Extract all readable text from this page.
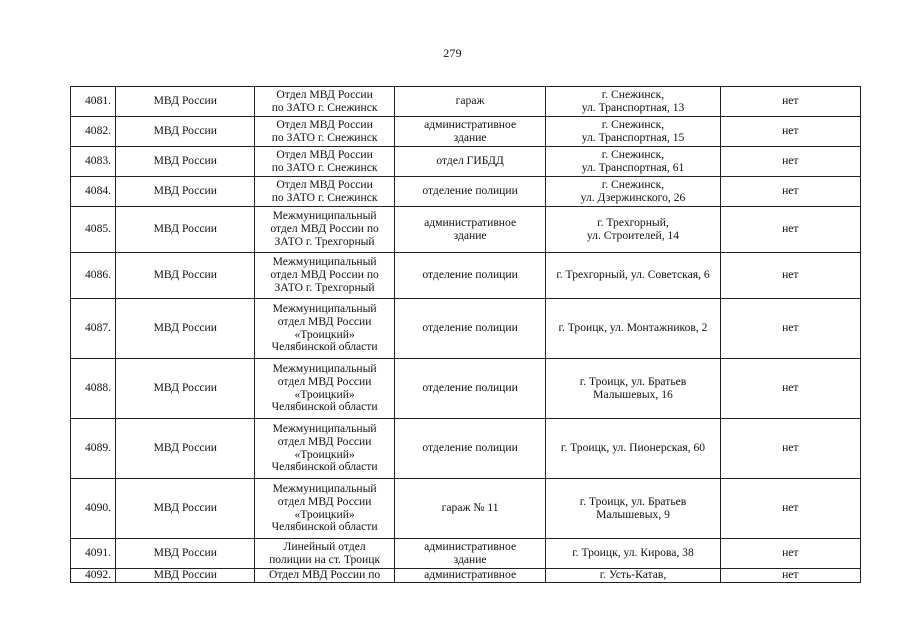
279
4081.	МВД России	Отдел МВД России
по ЗАТО г. Снежинск	гараж	г. Снежинск,
ул. Транспортная, 13	нет
4082.	МВД России	Отдел МВД России
по ЗАТО г. Снежинск	административное
здание	г. Снежинск,
ул. Транспортная, 15	нет
4083.	МВД России	Отдел МВД России
по ЗАТО г. Снежинск	отдел ГИБДД	г. Снежинск,
ул. Транспортная, 61	нет
4084.	МВД России	Отдел МВД России
по ЗАТО г. Снежинск	отделение полиции	г. Снежинск,
ул. Дзержинского, 26	нет
4085.	МВД России	Межмуниципальный
отдел МВД России по
ЗАТО г. Трехгорный	административное
здание	г. Трехгорный,
ул. Строителей, 14	нет
4086.	МВД России	Межмуниципальный
отдел МВД России по
ЗАТО г. Трехгорный	отделение полиции	г. Трехгорный, ул. Советская, 6	нет
4087.	МВД России	Межмуниципальный
отдел МВД России
«Троицкий»
Челябинской области	отделение полиции	г. Троицк, ул. Монтажников, 2	нет
4088.	МВД России	Межмуниципальный
отдел МВД России
«Троицкий»
Челябинской области	отделение полиции	г. Троицк, ул. Братьев
Малышевых, 16	нет
4089.	МВД России	Межмуниципальный
отдел МВД России
«Троицкий»
Челябинской области	отделение полиции	г. Троицк, ул. Пионерская, 60	нет
4090.	МВД России	Межмуниципальный
отдел МВД России
«Троицкий»
Челябинской области	гараж № 11	г. Троицк, ул. Братьев
Малышевых, 9	нет
4091.	МВД России	Линейный отдел
полиции на ст. Троицк	административное
здание	г. Троицк, ул. Кирова, 38	нет
4092.	МВД России	Отдел МВД России по	административное	г. Усть-Катав,	нет
